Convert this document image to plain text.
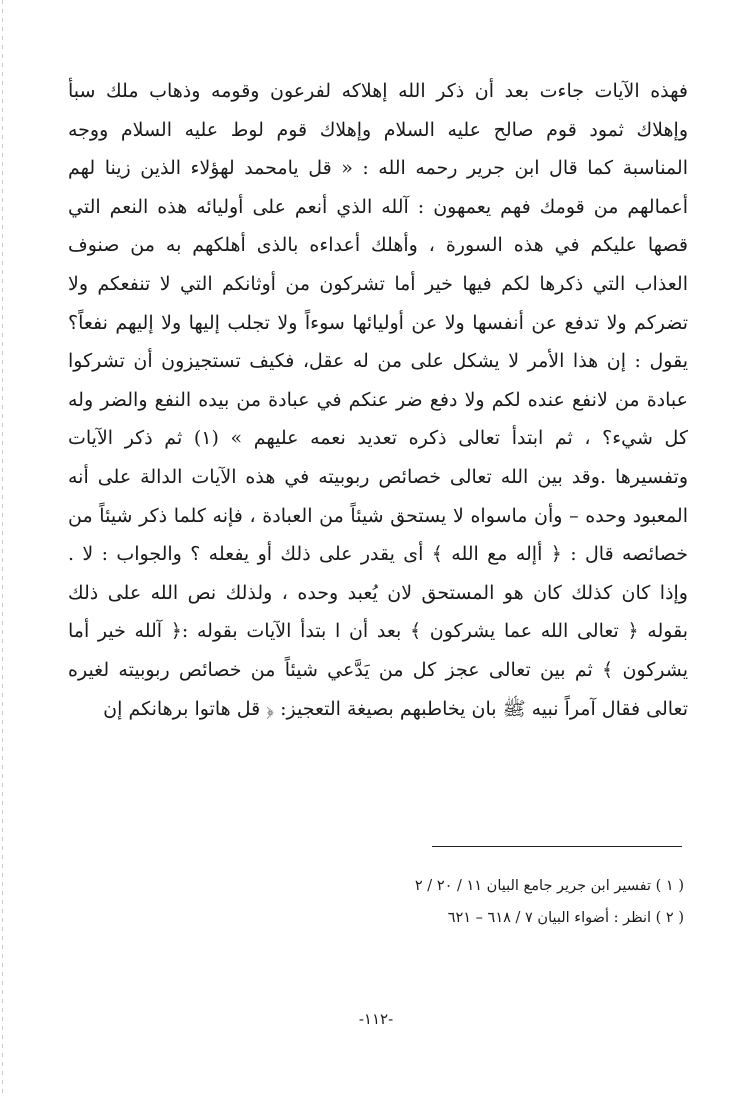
فهذه الآيات جاءت بعد أن ذكر الله إهلاكه لفرعون وقومه وذهاب ملك سبأ
وإهلاك ثمود قوم صالح عليه السلام وإهلاك قوم لوط عليه السلام ووجه
المناسبة كما قال ابن جرير رحمه الله : « قل يامحمد لهؤلاء الذين زينا لهم
أعمالهم من قومك فهم يعمهون : آلله الذي أنعم على أوليائه هذه النعم التي
قصها عليكم في هذه السورة ، وأهلك أعداءه بالذى أهلكهم به من صنوف
العذاب التي ذكرها لكم فيها خير أما تشركون من أوثانكم التي لا تنفعكم ولا
تضركم ولا تدفع عن أنفسها ولا عن أوليائها سوءاً ولا تجلب إليها ولا إليهم نفعاً؟
يقول : إن هذا الأمر لا يشكل على من له عقل، فكيف تستجيزون أن تشركوا
عبادة من لانفع عنده لكم ولا دفع ضر عنكم في عبادة من بيده النفع والضر وله
كل شيء؟ ، ثم ابتدأ تعالى ذكره تعديد نعمه عليهم » (١) ثم ذكر الآيات
وتفسيرها .وقد بين الله تعالى خصائص ربوبيته في هذه الآيات الدالة على أنه
المعبود وحده – وأن ماسواه لا يستحق شيئاً من العبادة ، فإنه كلما ذكر شيئاً من
خصائصه قال : ﴿ أإله مع الله ﴾ أى يقدر على ذلك أو يفعله ؟ والجواب : لا .
وإذا كان كذلك كان هو المستحق لان يُعبد وحده ، ولذلك نص الله على ذلك
بقوله ﴿ تعالى الله عما يشركون ﴾ بعد أن ا بتدأ الآيات بقوله :﴿ آلله خير أما
يشركون ﴾ ثم بين تعالى عجز كل من يَدَّعي شيئاً من خصائص ربوبيته لغيره
تعالى فقال آمراً نبيه ﷺ بان يخاطبهم بصيغة التعجيز: ﴿ قل هاتوا برهانكم إن
( ١ ) تفسير ابن جرير جامع البيان ١١ / ٢٠ / ٢
( ٢ ) انظر : أضواء البيان ٧ / ٦١٨ – ٦٢١
-١١٢-
